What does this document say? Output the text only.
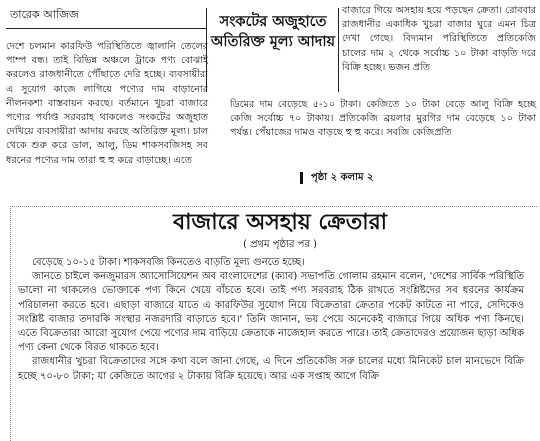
তারেক আজিজ	সংকটের অজুহাতে অতিরিক্ত মূল্য আদায়

দেশে চলমান কারফিউ পরিস্থিতিতে জ্বালানি তেলের পাম্প বন্ধ। তাই বিভিন্ন অঞ্চলে ট্রাকে পণ্য বোঝাই করলেও রাজধানীতে পৌঁছাতে দেরি হচ্ছে। ব্যবসায়ীরা এ সুযোগ কাজে লাগিয়ে পণ্যের দাম বাড়ানোর নীলনকশা বাস্তবায়ন করছে। বর্তমানে খুচরা বাজারে পণ্যের পর্যাপ্ত সরবরাহ থাকলেও সংকটের অজুহাত দেখিয়ে ব্যবসায়ীরা আদায় করছে অতিরিক্ত মূল্য। চাল থেকে শুরু করে ডাল, আলু, ডিম শাকসবজিসহ সব ধরনের পণ্যের দাম তারা হু হু করে বাড়াচ্ছে। এতে

বাজারে গিয়ে অসহায় হয়ে পড়ছেন ক্রেতা। রোববার রাজধানীর একাধিক খুচরা বাজার ঘুরে এমন চিত্র দেখা গেছে। বিদ্যমান পরিস্থিতিতে প্রতিকেজি চালের দাম ২ থেকে সর্বোচ্চ ১০ টাকা বাড়তি দরে বিক্রি হচ্ছে। ভজন প্রতি

ডিমের দাম বেড়েছে ৫-১০ টাকা। কেজিতে ১০ টাকা বেড়ে আলু বিক্রি হচ্ছে কেজি সর্বোচ্চ ৭০ টাকায়। প্রতিকেজি ব্রয়লার মুরগির দাম বেড়েছে ১০ টাকা পর্যন্ত। পেঁয়াজের দামও বাড়ছে হু হু করে। সবজি কেজিপ্রতি

পৃষ্ঠা ২ কলাম ২
বাজারে অসহায় ক্রেতারা
( প্রথম পৃষ্ঠার পর )

বেড়েছে ১০-১৫ টাকা। শাকসবজি কিনতেও বাড়তি মূল্য গুনতে হচ্ছে।

জানতে চাইলে কনজুমারস অ্যাসোসিয়েশন অব বাংলাদেশের (ক্যাব) সভাপতি গোলাম রহমান বলেন, 'দেশের সার্বিক পরিস্থিতি ভালো না থাকলেও ভোক্তাকে পণ্য কিনে খেয়ে বাঁচতে হবে। তাই পণ্য সরবরাহ ঠিক রাখতে সংশ্লিষ্টদের সব ধরনের কার্যক্রম পরিচালনা করতে হবে। এছাড়া বাজারে যাতে এ কারফিউর সুযোগ নিয়ে বিক্রেতারা ক্রেতার পকেট কাটতে না পারে, সেদিকেও সংশ্লিষ্ট বাজার তদারকি সংস্থার নজরদারি বাড়াতে হবে।' তিনি জানান, ভয় পেয়ে অনেকেই বাজারে গিয়ে অধিক পণ্য কিনছে। এতে বিক্রেতারা আরো সুযোগ পেয়ে পণ্যের দাম বাড়িয়ে ক্রেতাকে নাজেহাল করতে পারে। তাই ক্রেতাদেরও প্রয়োজন ছাড়া অধিক পণ্য কেনা থেকে বিরত থাকতে হবে।

রাজধানীর খুচরা বিক্রেতাদের সঙ্গে কথা বলে জানা গেছে, এ দিনে প্রতিকেজি সরু চালের মধ্যে মিনিকেট চাল মানভেদে বিক্রি হচ্ছে ৭০-৮০ টাকা; যা কেজিতে আগের ২ টাকায় বিক্রি হয়েছে। আর এক সপ্তাহ আগে বিক্রি
